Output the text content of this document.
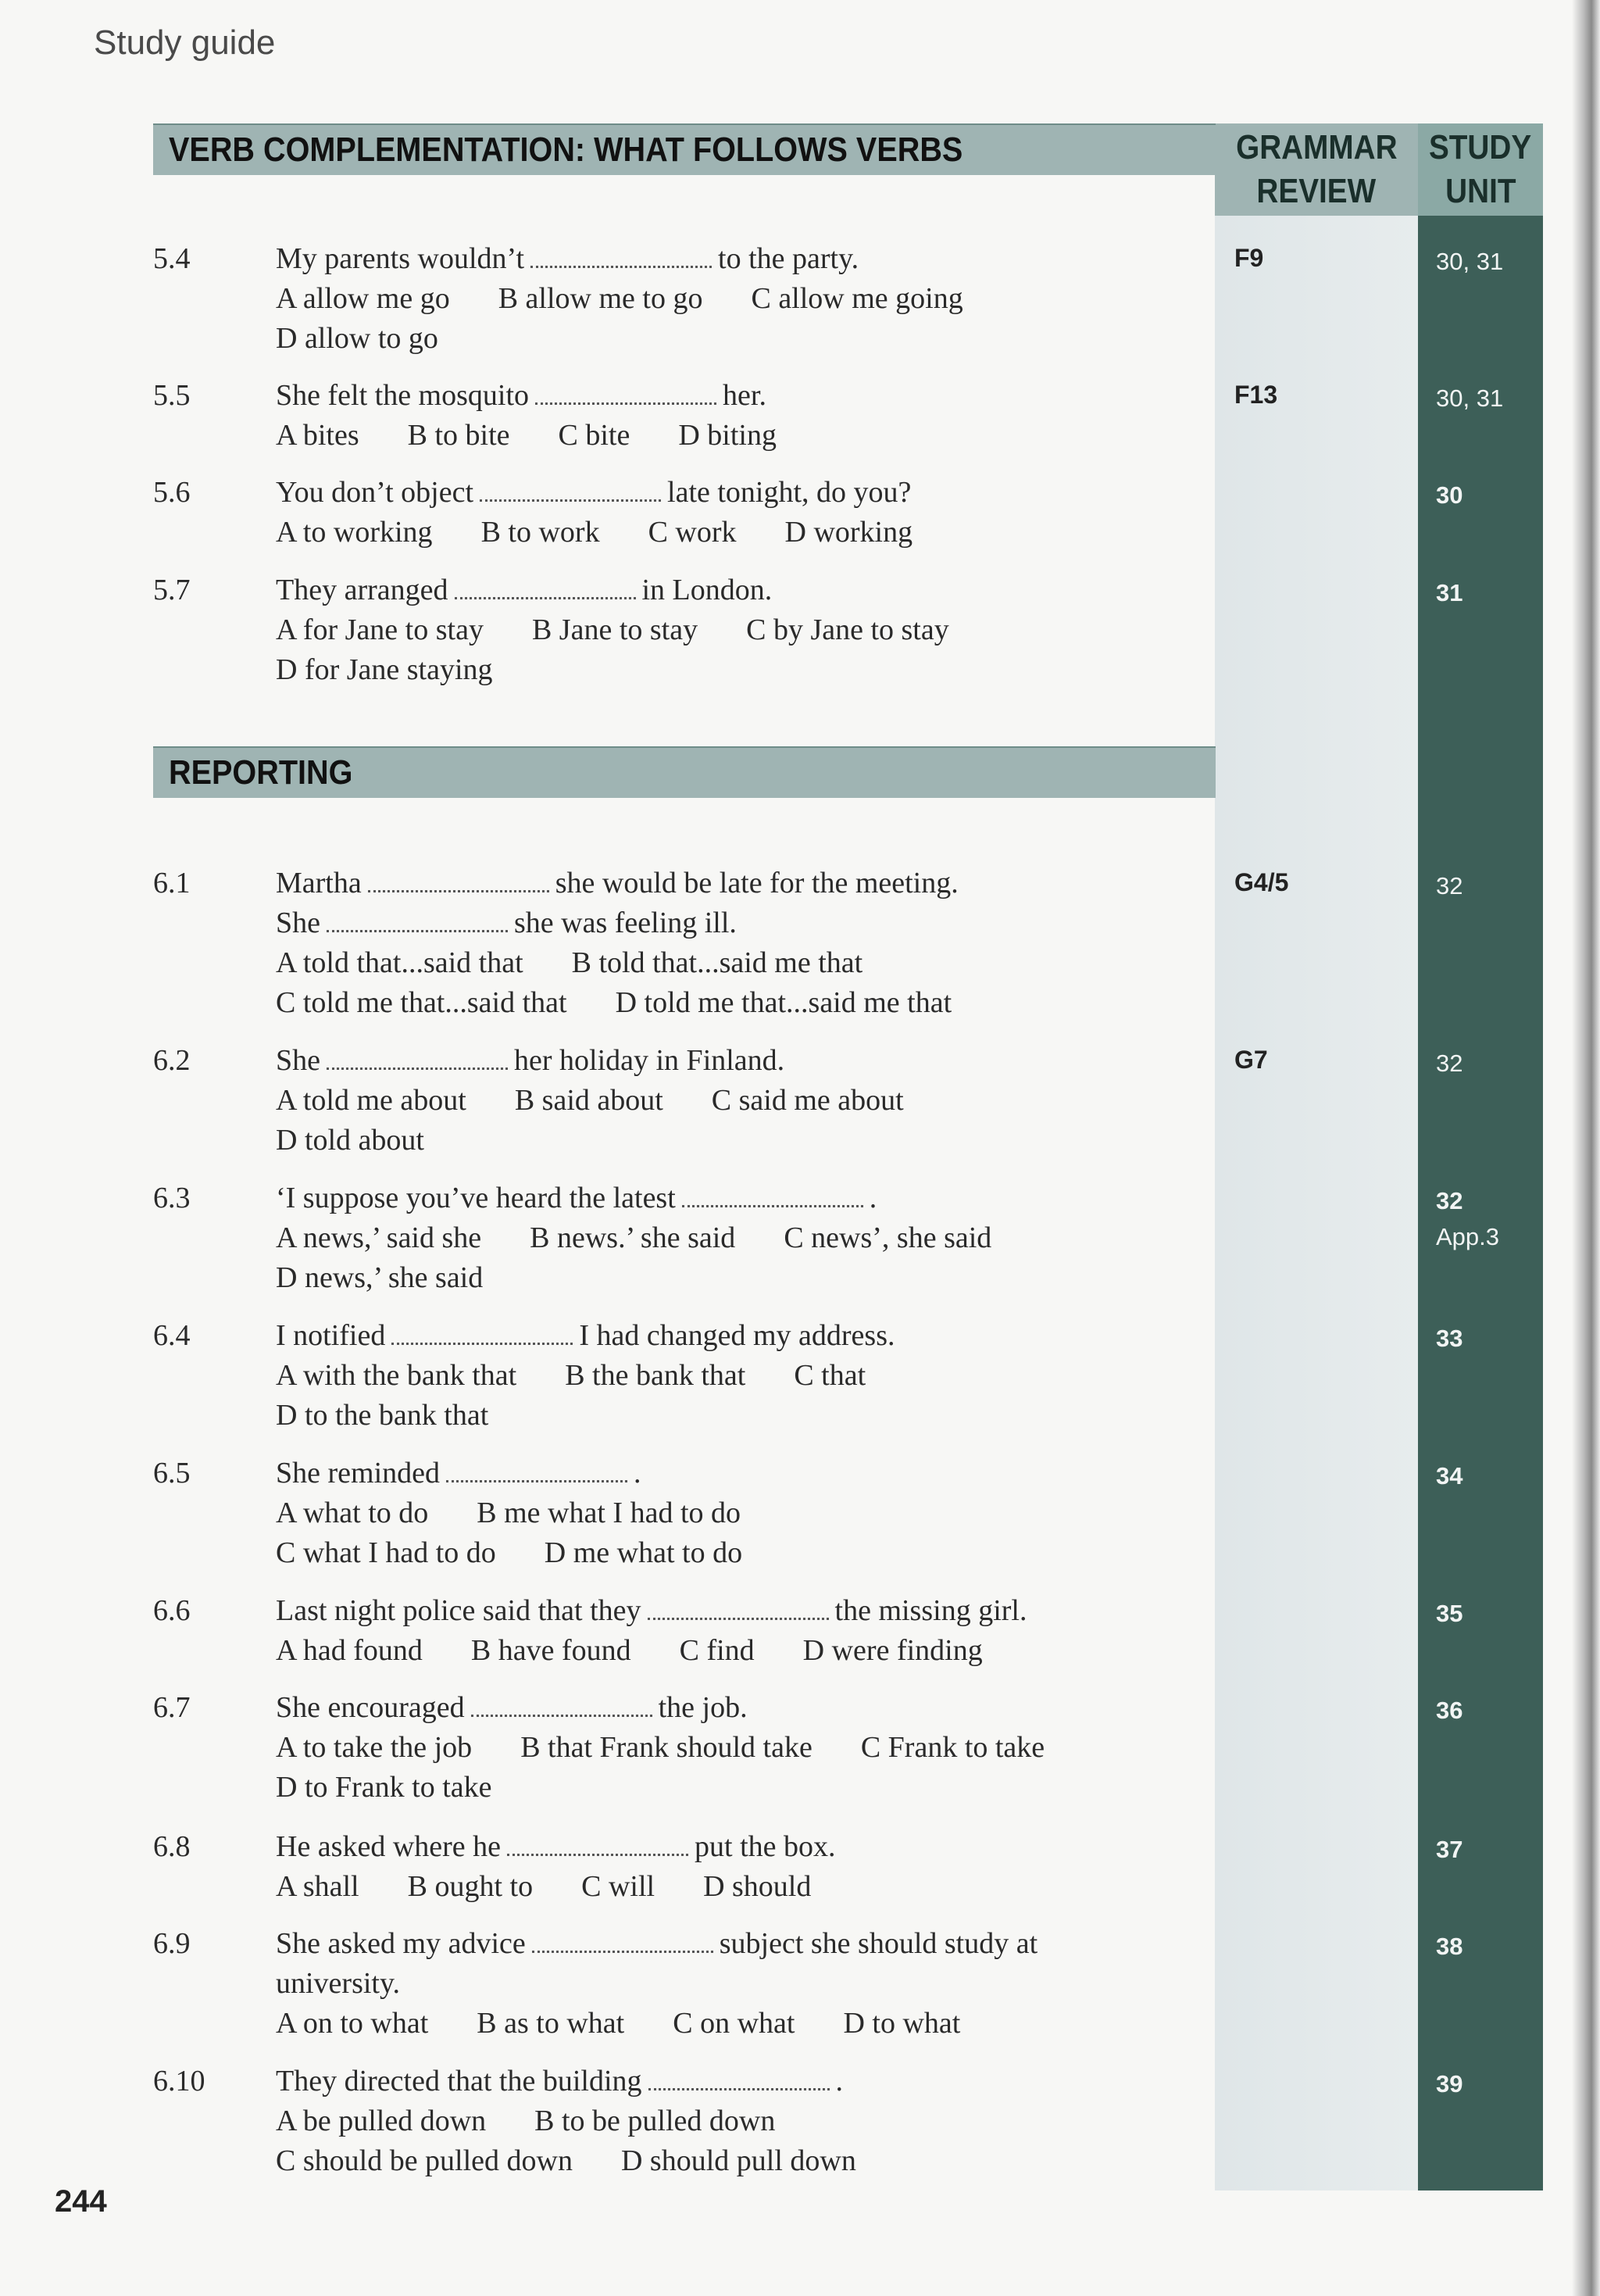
Study guide
GRAMMAR
REVIEW
STUDY
UNIT
VERB COMPLEMENTATION: WHAT FOLLOWS VERBS
REPORTING
5.4	My parents wouldn’t	to the party.
A allow me go B allow me to go C allow me going
D allow to go
F9	30, 31
5.5	She felt the mosquito	her.
A bites B to bite C bite D biting
F13	30, 31
5.6	You don’t object	late tonight, do you?
A to working B to work C work D working
30
5.7	They arranged	in London.
A for Jane to stay B Jane to stay C by Jane to stay
D for Jane staying
31
6.1	Martha	she would be late for the meeting.
She	she was feeling ill.
A told that...said that B told that...said me that
C told me that...said that D told me that...said me that
G4/5	32
6.2	She	her holiday in Finland.
A told me about B said about C said me about
D told about
G7	32
6.3	‘I suppose you’ve heard the latest	.
A news,’ said she B news.’ she said C news’, she said
D news,’ she said
32
App.3
6.4	I notified	I had changed my address.
A with the bank that B the bank that C that
D to the bank that
33
6.5	She reminded	.
A what to do B me what I had to do
C what I had to do D me what to do
34
6.6	Last night police said that they	the missing girl.
A had found B have found C find D were finding
35
6.7	She encouraged	the job.
A to take the job B that Frank should take C Frank to take
D to Frank to take
36
6.8	He asked where he	put the box.
A shall B ought to C will D should
37
6.9	She asked my advice	subject she should study at
university.
A on to what B as to what C on what D to what
38
6.10 They directed that the building	.
A be pulled down B to be pulled down
C should be pulled down D should pull down
39
244
